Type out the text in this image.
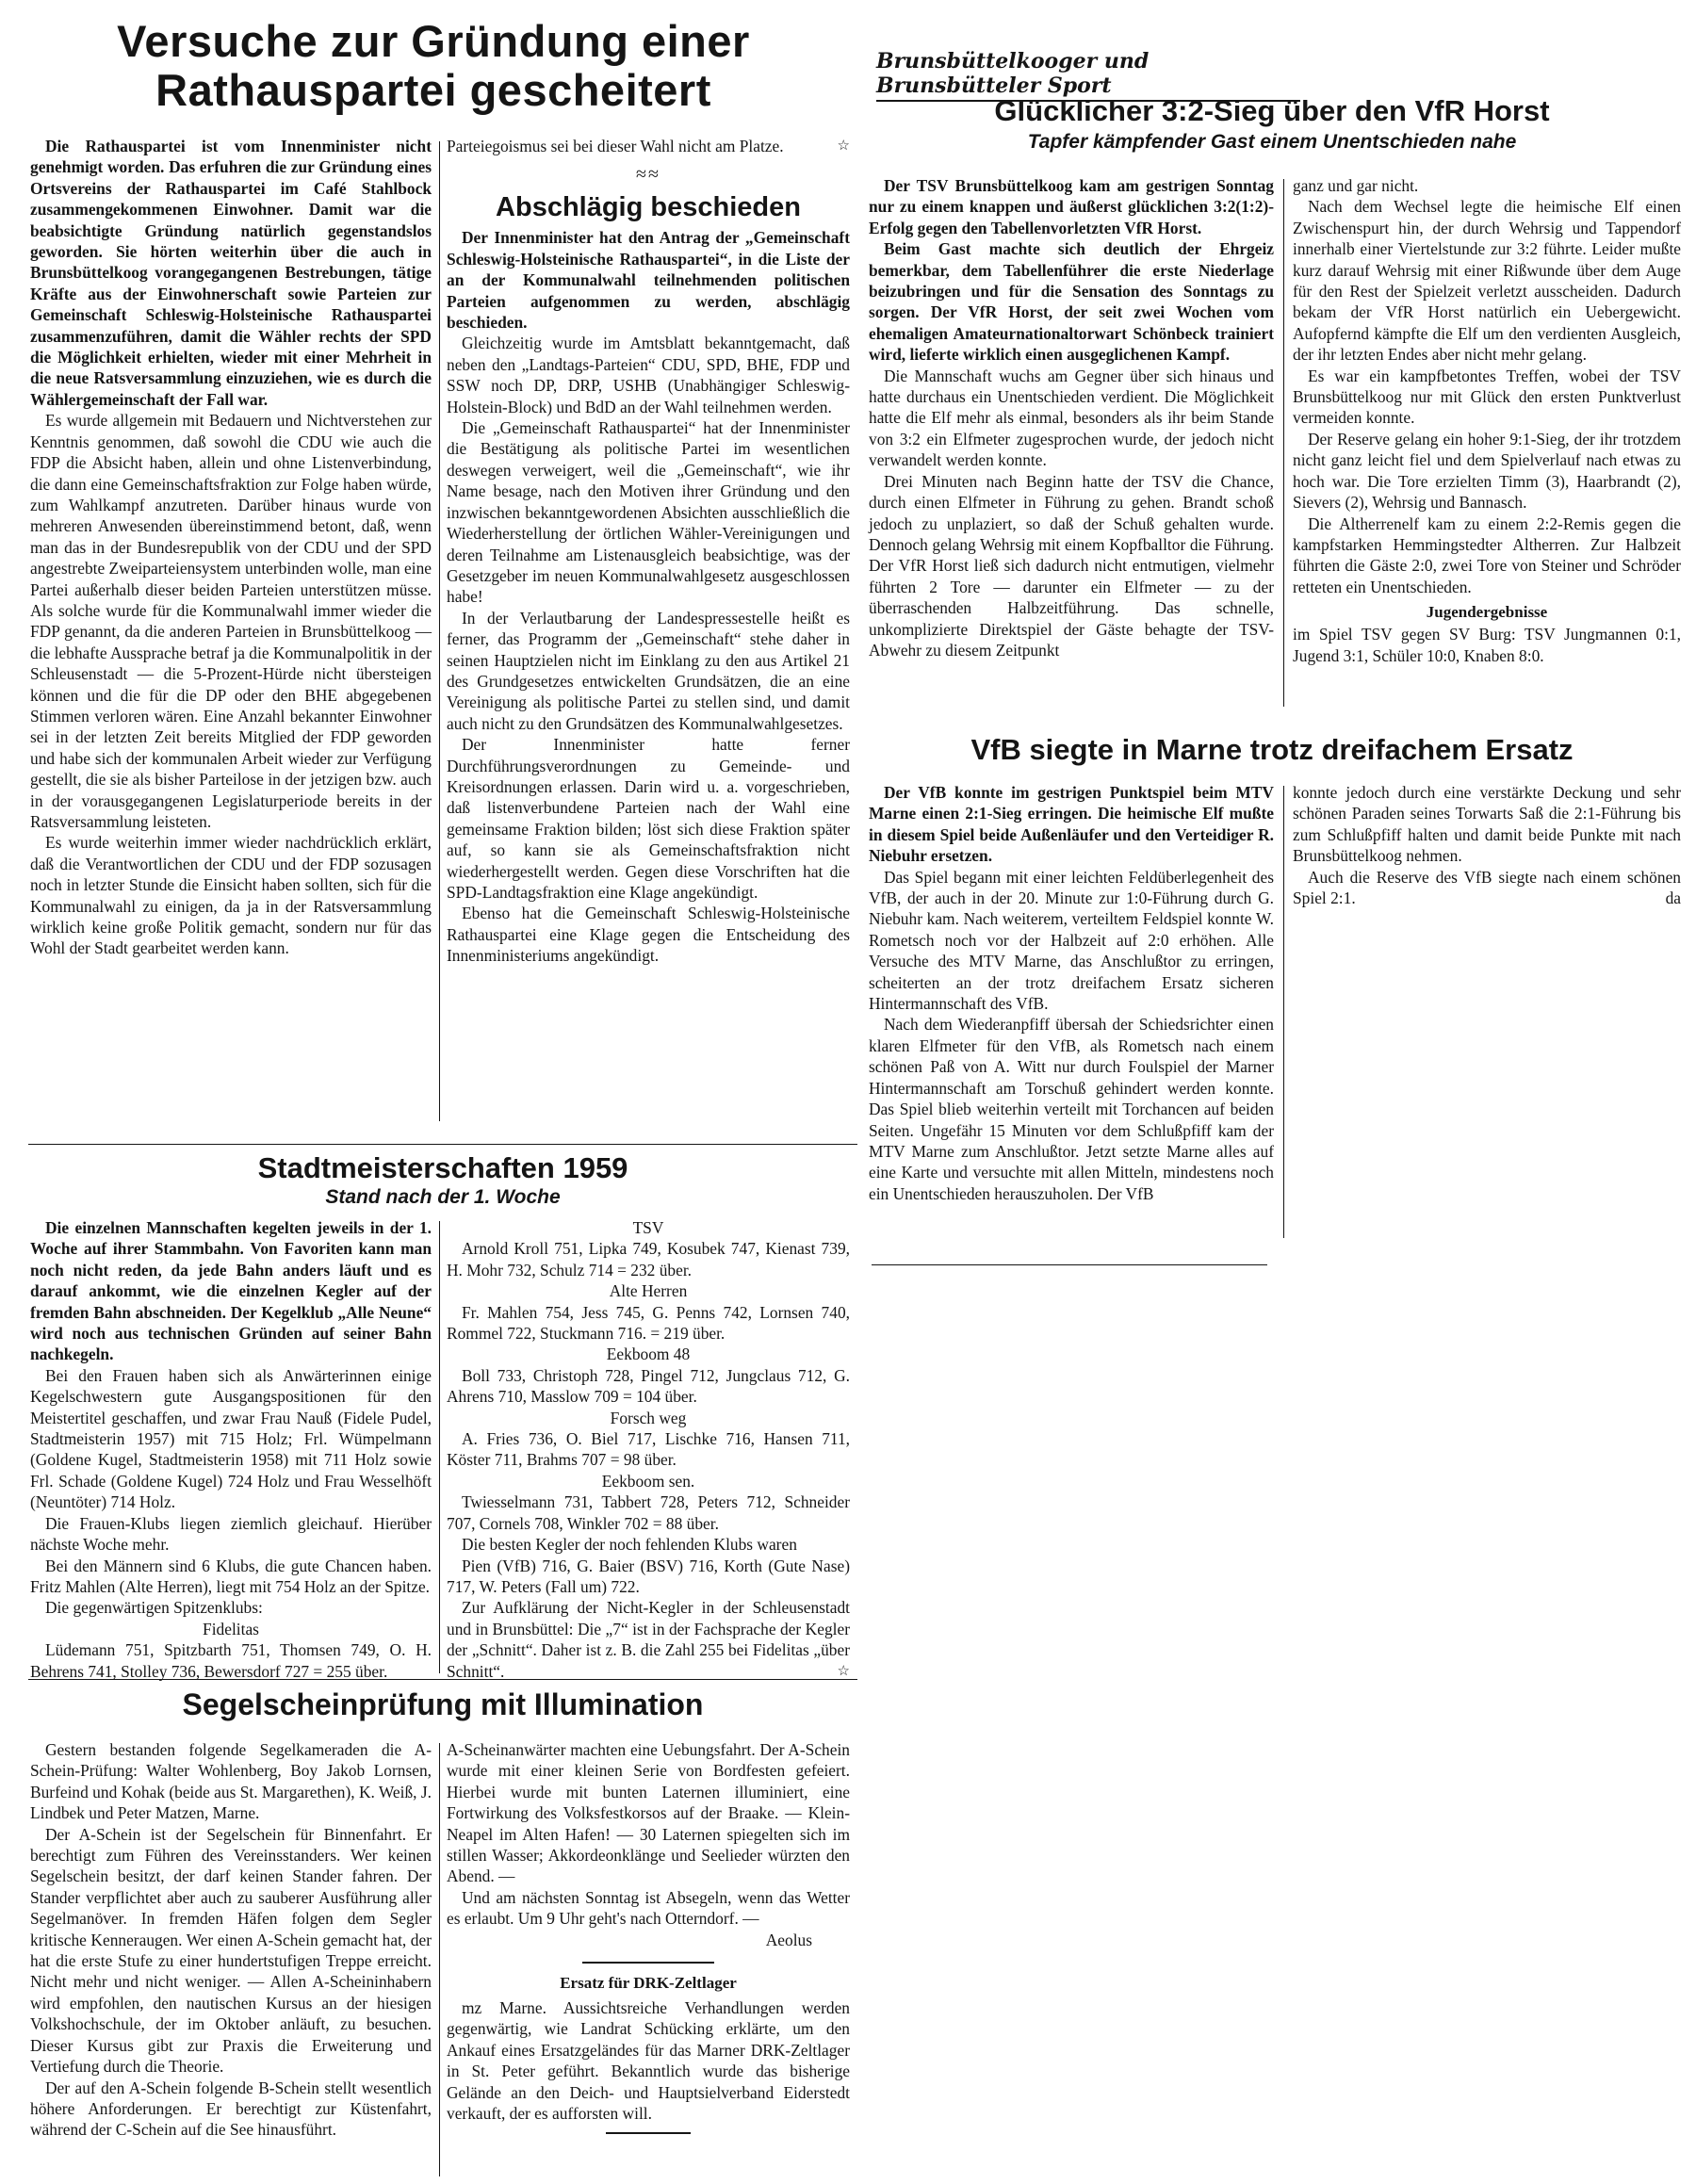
Versuche zur Gründung einer
Rathauspartei gescheitert

Die Rathauspartei ist vom Innenminister nicht genehmigt worden. Das erfuhren die zur Gründung eines Ortsvereins der Rathauspartei im Café Stahlbock zusammengekommenen Einwohner. Damit war die beabsichtigte Gründung natürlich gegenstandslos geworden. Sie hörten weiterhin über die auch in Brunsbüttelkoog vorangegangenen Bestrebungen, tätige Kräfte aus der Einwohnerschaft sowie Parteien zur Gemeinschaft Schleswig-Holsteinische Rathauspartei zusammenzuführen, damit die Wähler rechts der SPD die Möglichkeit erhielten, wieder mit einer Mehrheit in die neue Ratsversammlung einzuziehen, wie es durch die Wählergemeinschaft der Fall war.

Es wurde allgemein mit Bedauern und Nichtverstehen zur Kenntnis genommen, daß sowohl die CDU wie auch die FDP die Absicht haben, allein und ohne Listenverbindung, die dann eine Gemeinschaftsfraktion zur Folge haben würde, zum Wahlkampf anzutreten. Darüber hinaus wurde von mehreren Anwesenden übereinstimmend betont, daß, wenn man das in der Bundesrepublik von der CDU und der SPD angestrebte Zweiparteiensystem unterbinden wolle, man eine Partei außerhalb dieser beiden Parteien unterstützen müsse. Als solche wurde für die Kommunalwahl immer wieder die FDP genannt, da die anderen Parteien in Brunsbüttelkoog — die lebhafte Aussprache betraf ja die Kommunalpolitik in der Schleusenstadt — die 5-Prozent-Hürde nicht übersteigen können und die für die DP oder den BHE abgegebenen Stimmen verloren wären. Eine Anzahl bekannter Einwohner sei in der letzten Zeit bereits Mitglied der FDP geworden und habe sich der kommunalen Arbeit wieder zur Verfügung gestellt, die sie als bisher Parteilose in der jetzigen bzw. auch in der vorausgegangenen Legislaturperiode bereits in der Ratsversammlung leisteten.

Es wurde weiterhin immer wieder nachdrücklich erklärt, daß die Verantwortlichen der CDU und der FDP sozusagen noch in letzter Stunde die Einsicht haben sollten, sich für die Kommunalwahl zu einigen, da ja in der Ratsversammlung wirklich keine große Politik gemacht, sondern nur für das Wohl der Stadt gearbeitet werden kann.

Parteiegoismus sei bei dieser Wahl nicht am Platze.	☆

≈≈
Abschlägig beschieden

Der Innenminister hat den Antrag der „Gemeinschaft Schleswig-Holsteinische Rathauspartei“, in die Liste der an der Kommunalwahl teilnehmenden politischen Parteien aufgenommen zu werden, abschlägig beschieden.

Gleichzeitig wurde im Amtsblatt bekanntgemacht, daß neben den „Landtags-Parteien“ CDU, SPD, BHE, FDP und SSW noch DP, DRP, USHB (Unabhängiger Schleswig-Holstein-Block) und BdD an der Wahl teilnehmen werden.

Die „Gemeinschaft Rathauspartei“ hat der Innenminister die Bestätigung als politische Partei im wesentlichen deswegen verweigert, weil die „Gemeinschaft“, wie ihr Name besage, nach den Motiven ihrer Gründung und den inzwischen bekanntgewordenen Absichten ausschließlich die Wiederherstellung der örtlichen Wähler-Vereinigungen und deren Teilnahme am Listenausgleich beabsichtige, was der Gesetzgeber im neuen Kommunalwahlgesetz ausgeschlossen habe!

In der Verlautbarung der Landespressestelle heißt es ferner, das Programm der „Gemeinschaft“ stehe daher in seinen Hauptzielen nicht im Einklang zu den aus Artikel 21 des Grundgesetzes entwickelten Grundsätzen, die an eine Vereinigung als politische Partei zu stellen sind, und damit auch nicht zu den Grundsätzen des Kommunalwahlgesetzes.

Der Innenminister hatte ferner Durchführungsverordnungen zu Gemeinde- und Kreisordnungen erlassen. Darin wird u. a. vorgeschrieben, daß listenverbundene Parteien nach der Wahl eine gemeinsame Fraktion bilden; löst sich diese Fraktion später auf, so kann sie als Gemeinschaftsfraktion nicht wiederhergestellt werden. Gegen diese Vorschriften hat die SPD-Landtagsfraktion eine Klage angekündigt.

Ebenso hat die Gemeinschaft Schleswig-Holsteinische Rathauspartei eine Klage gegen die Entscheidung des Innenministeriums angekündigt.

Brunsbüttelkooger und Brunsbütteler Sport
Glücklicher 3:2-Sieg über den VfR Horst
Tapfer kämpfender Gast einem Unentschieden nahe

Der TSV Brunsbüttelkoog kam am gestrigen Sonntag nur zu einem knappen und äußerst glücklichen 3:2(1:2)-Erfolg gegen den Tabellenvorletzten VfR Horst.

Beim Gast machte sich deutlich der Ehrgeiz bemerkbar, dem Tabellenführer die erste Niederlage beizubringen und für die Sensation des Sonntags zu sorgen. Der VfR Horst, der seit zwei Wochen vom ehemaligen Amateurnationaltorwart Schönbeck trainiert wird, lieferte wirklich einen ausgeglichenen Kampf.

Die Mannschaft wuchs am Gegner über sich hinaus und hatte durchaus ein Unentschieden verdient. Die Möglichkeit hatte die Elf mehr als einmal, besonders als ihr beim Stande von 3:2 ein Elfmeter zugesprochen wurde, der jedoch nicht verwandelt werden konnte.

Drei Minuten nach Beginn hatte der TSV die Chance, durch einen Elfmeter in Führung zu gehen. Brandt schoß jedoch zu unplaziert, so daß der Schuß gehalten wurde. Dennoch gelang Wehrsig mit einem Kopfballtor die Führung. Der VfR Horst ließ sich dadurch nicht entmutigen, vielmehr führten 2 Tore — darunter ein Elfmeter — zu der überraschenden Halbzeitführung. Das schnelle, unkomplizierte Direktspiel der Gäste behagte der TSV-Abwehr zu diesem Zeitpunkt

ganz und gar nicht.

Nach dem Wechsel legte die heimische Elf einen Zwischenspurt hin, der durch Wehrsig und Tappendorf innerhalb einer Viertelstunde zur 3:2 führte. Leider mußte kurz darauf Wehrsig mit einer Rißwunde über dem Auge für den Rest der Spielzeit verletzt ausscheiden. Dadurch bekam der VfR Horst natürlich ein Uebergewicht. Aufopfernd kämpfte die Elf um den verdienten Ausgleich, der ihr letzten Endes aber nicht mehr gelang.

Es war ein kampfbetontes Treffen, wobei der TSV Brunsbüttelkoog nur mit Glück den ersten Punktverlust vermeiden konnte.

Der Reserve gelang ein hoher 9:1-Sieg, der ihr trotzdem nicht ganz leicht fiel und dem Spielverlauf nach etwas zu hoch war. Die Tore erzielten Timm (3), Haarbrandt (2), Sievers (2), Wehrsig und Bannasch.

Die Altherrenelf kam zu einem 2:2-Remis gegen die kampfstarken Hemmingstedter Altherren. Zur Halbzeit führten die Gäste 2:0, zwei Tore von Steiner und Schröder retteten ein Unentschieden.

Jugendergebnisse

im Spiel TSV gegen SV Burg: TSV Jungmannen 0:1, Jugend 3:1, Schüler 10:0, Knaben 8:0.

VfB siegte in Marne trotz dreifachem Ersatz

Der VfB konnte im gestrigen Punktspiel beim MTV Marne einen 2:1-Sieg erringen. Die heimische Elf mußte in diesem Spiel beide Außenläufer und den Verteidiger R. Niebuhr ersetzen.

Das Spiel begann mit einer leichten Feldüberlegenheit des VfB, der auch in der 20. Minute zur 1:0-Führung durch G. Niebuhr kam. Nach weiterem, verteiltem Feldspiel konnte W. Rometsch noch vor der Halbzeit auf 2:0 erhöhen. Alle Versuche des MTV Marne, das Anschlußtor zu erringen, scheiterten an der trotz dreifachem Ersatz sicheren Hintermannschaft des VfB.

Nach dem Wiederanpfiff übersah der Schiedsrichter einen klaren Elfmeter für den VfB, als Rometsch nach einem schönen Paß von A. Witt nur durch Foulspiel der Marner Hintermannschaft am Torschuß gehindert werden konnte. Das Spiel blieb weiterhin verteilt mit Torchancen auf beiden Seiten. Ungefähr 15 Minuten vor dem Schlußpfiff kam der MTV Marne zum Anschlußtor. Jetzt setzte Marne alles auf eine Karte und versuchte mit allen Mitteln, mindestens noch ein Unentschieden herauszuholen. Der VfB

konnte jedoch durch eine verstärkte Deckung und sehr schönen Paraden seines Torwarts Saß die 2:1-Führung bis zum Schlußpfiff halten und damit beide Punkte mit nach Brunsbüttelkoog nehmen.

Auch die Reserve des VfB siegte nach einem schönen Spiel 2:1.	da

Stadtmeisterschaften 1959
Stand nach der 1. Woche

Die einzelnen Mannschaften kegelten jeweils in der 1. Woche auf ihrer Stammbahn. Von Favoriten kann man noch nicht reden, da jede Bahn anders läuft und es darauf ankommt, wie die einzelnen Kegler auf der fremden Bahn abschneiden. Der Kegelklub „Alle Neune“ wird noch aus technischen Gründen auf seiner Bahn nachkegeln.

Bei den Frauen haben sich als Anwärterinnen einige Kegelschwestern gute Ausgangspositionen für den Meistertitel geschaffen, und zwar Frau Nauß (Fidele Pudel, Stadtmeisterin 1957) mit 715 Holz; Frl. Wümpelmann (Goldene Kugel, Stadtmeisterin 1958) mit 711 Holz sowie Frl. Schade (Goldene Kugel) 724 Holz und Frau Wesselhöft (Neuntöter) 714 Holz.

Die Frauen-Klubs liegen ziemlich gleichauf. Hierüber nächste Woche mehr.

Bei den Männern sind 6 Klubs, die gute Chancen haben. Fritz Mahlen (Alte Herren), liegt mit 754 Holz an der Spitze.

Die gegenwärtigen Spitzenklubs:

Fidelitas

Lüdemann 751, Spitzbarth 751, Thomsen 749, O. H. Behrens 741, Stolley 736, Bewersdorf 727 = 255 über.

TSV

Arnold Kroll 751, Lipka 749, Kosubek 747, Kienast 739, H. Mohr 732, Schulz 714 = 232 über.

Alte Herren

Fr. Mahlen 754, Jess 745, G. Penns 742, Lornsen 740, Rommel 722, Stuckmann 716. = 219 über.

Eekboom 48

Boll 733, Christoph 728, Pingel 712, Jungclaus 712, G. Ahrens 710, Masslow 709 = 104 über.

Forsch weg

A. Fries 736, O. Biel 717, Lischke 716, Hansen 711, Köster 711, Brahms 707 = 98 über.

Eekboom sen.

Twiesselmann 731, Tabbert 728, Peters 712, Schneider 707, Cornels 708, Winkler 702 = 88 über.

Die besten Kegler der noch fehlenden Klubs waren

Pien (VfB) 716, G. Baier (BSV) 716, Korth (Gute Nase) 717, W. Peters (Fall um) 722.

Zur Aufklärung der Nicht-Kegler in der Schleusenstadt und in Brunsbüttel: Die „7“ ist in der Fachsprache der Kegler der „Schnitt“. Daher ist z. B. die Zahl 255 bei Fidelitas „über Schnitt“.	☆

Segelscheinprüfung mit Illumination

Gestern bestanden folgende Segelkameraden die A-Schein-Prüfung: Walter Wohlenberg, Boy Jakob Lornsen, Burfeind und Kohak (beide aus St. Margarethen), K. Weiß, J. Lindbek und Peter Matzen, Marne.

Der A-Schein ist der Segelschein für Binnenfahrt. Er berechtigt zum Führen des Vereinsstanders. Wer keinen Segelschein besitzt, der darf keinen Stander fahren. Der Stander verpflichtet aber auch zu sauberer Ausführung aller Segelmanöver. In fremden Häfen folgen dem Segler kritische Kenneraugen. Wer einen A-Schein gemacht hat, der hat die erste Stufe zu einer hundertstufigen Treppe erreicht. Nicht mehr und nicht weniger. — Allen A-Scheininhabern wird empfohlen, den nautischen Kursus an der hiesigen Volkshochschule, der im Oktober anläuft, zu besuchen. Dieser Kursus gibt zur Praxis die Erweiterung und Vertiefung durch die Theorie.

Der auf den A-Schein folgende B-Schein stellt wesentlich höhere Anforderungen. Er berechtigt zur Küstenfahrt, während der C-Schein auf die See hinausführt.

A-Scheinanwärter machten eine Uebungsfahrt. Der A-Schein wurde mit einer kleinen Serie von Bordfesten gefeiert. Hierbei wurde mit bunten Laternen illuminiert, eine Fortwirkung des Volksfestkorsos auf der Braake. — Klein-Neapel im Alten Hafen! — 30 Laternen spiegelten sich im stillen Wasser; Akkordeonklänge und Seelieder würzten den Abend. —

Und am nächsten Sonntag ist Absegeln, wenn das Wetter es erlaubt. Um 9 Uhr geht's nach Otterndorf. —

Aeolus
Ersatz für DRK-Zeltlager

mz Marne. Aussichtsreiche Verhandlungen werden gegenwärtig, wie Landrat Schücking erklärte, um den Ankauf eines Ersatzgeländes für das Marner DRK-Zeltlager in St. Peter geführt. Bekanntlich wurde das bisherige Gelände an den Deich- und Hauptsielverband Eiderstedt verkauft, der es aufforsten will.
